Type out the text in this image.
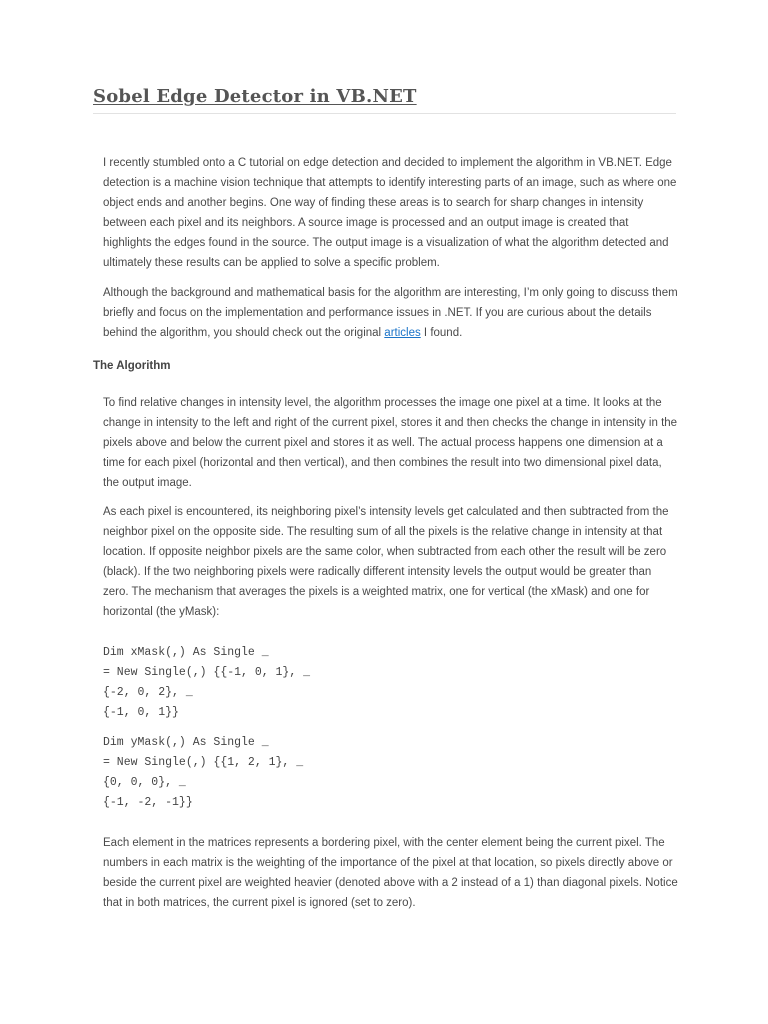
Sobel Edge Detector in VB.NET

I recently stumbled onto a C tutorial on edge detection and decided to implement the algorithm in VB.NET. Edge detection is a machine vision technique that attempts to identify interesting parts of an image, such as where one object ends and another begins. One way of finding these areas is to search for sharp changes in intensity between each pixel and its neighbors. A source image is processed and an output image is created that highlights the edges found in the source. The output image is a visualization of what the algorithm detected and ultimately these results can be applied to solve a specific problem.

Although the background and mathematical basis for the algorithm are interesting, I’m only going to discuss them briefly and focus on the implementation and performance issues in .NET. If you are curious about the details behind the algorithm, you should check out the original articles I found.

The Algorithm

To find relative changes in intensity level, the algorithm processes the image one pixel at a time. It looks at the change in intensity to the left and right of the current pixel, stores it and then checks the change in intensity in the pixels above and below the current pixel and stores it as well. The actual process happens one dimension at a time for each pixel (horizontal and then vertical), and then combines the result into two dimensional pixel data, the output image.

As each pixel is encountered, its neighboring pixel’s intensity levels get calculated and then subtracted from the neighbor pixel on the opposite side. The resulting sum of all the pixels is the relative change in intensity at that location. If opposite neighbor pixels are the same color, when subtracted from each other the result will be zero (black). If the two neighboring pixels were radically different intensity levels the output would be greater than zero. The mechanism that averages the pixels is a weighted matrix, one for vertical (the xMask) and one for horizontal (the yMask):

Dim xMask(,) As Single _
= New Single(,) {{-1, 0, 1}, _
{-2, 0, 2}, _
{-1, 0, 1}}
Dim yMask(,) As Single _
= New Single(,) {{1, 2, 1}, _
{0, 0, 0}, _
{-1, -2, -1}}

Each element in the matrices represents a bordering pixel, with the center element being the current pixel. The numbers in each matrix is the weighting of the importance of the pixel at that location, so pixels directly above or beside the current pixel are weighted heavier (denoted above with a 2 instead of a 1) than diagonal pixels. Notice that in both matrices, the current pixel is ignored (set to zero).
